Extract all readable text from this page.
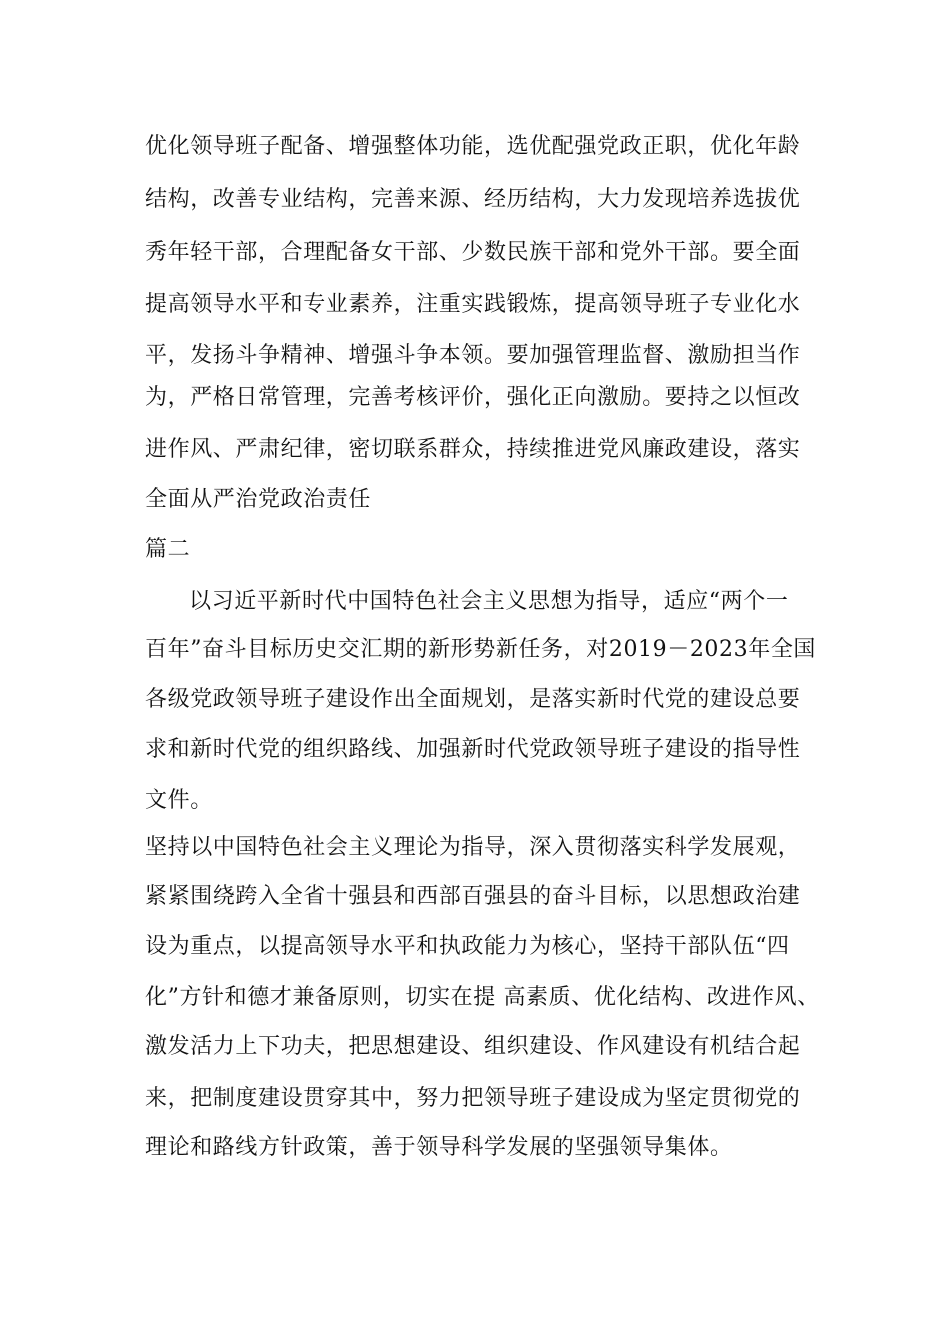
优化领导班子配备、增强整体功能，选优配强党政正职，优化年龄

结构，改善专业结构，完善来源、经历结构，大力发现培养选拔优

秀年轻干部，合理配备女干部、少数民族干部和党外干部。要全面

提高领导水平和专业素养，注重实践锻炼，提高领导班子专业化水

平，发扬斗争精神、增强斗争本领。要加强管理监督、激励担当作

为，严格日常管理，完善考核评价，强化正向激励。要持之以恒改

进作风、严肃纪律，密切联系群众，持续推进党风廉政建设，落实

全面从严治党政治责任

篇二

以习近平新时代中国特色社会主义思想为指导，适应“两个一

百年”奋斗目标历史交汇期的新形势新任务，对2019－2023年全国

各级党政领导班子建设作出全面规划，是落实新时代党的建设总要

求和新时代党的组织路线、加强新时代党政领导班子建设的指导性

文件。

坚持以中国特色社会主义理论为指导，深入贯彻落实科学发展观，

紧紧围绕跨入全省十强县和西部百强县的奋斗目标，以思想政治建

设为重点，以提高领导水平和执政能力为核心，坚持干部队伍“四

化”方针和德才兼备原则，切实在提 高素质、优化结构、改进作风、

激发活力上下功夫，把思想建设、组织建设、作风建设有机结合起

来，把制度建设贯穿其中，努力把领导班子建设成为坚定贯彻党的

理论和路线方针政策，善于领导科学发展的坚强领导集体。
